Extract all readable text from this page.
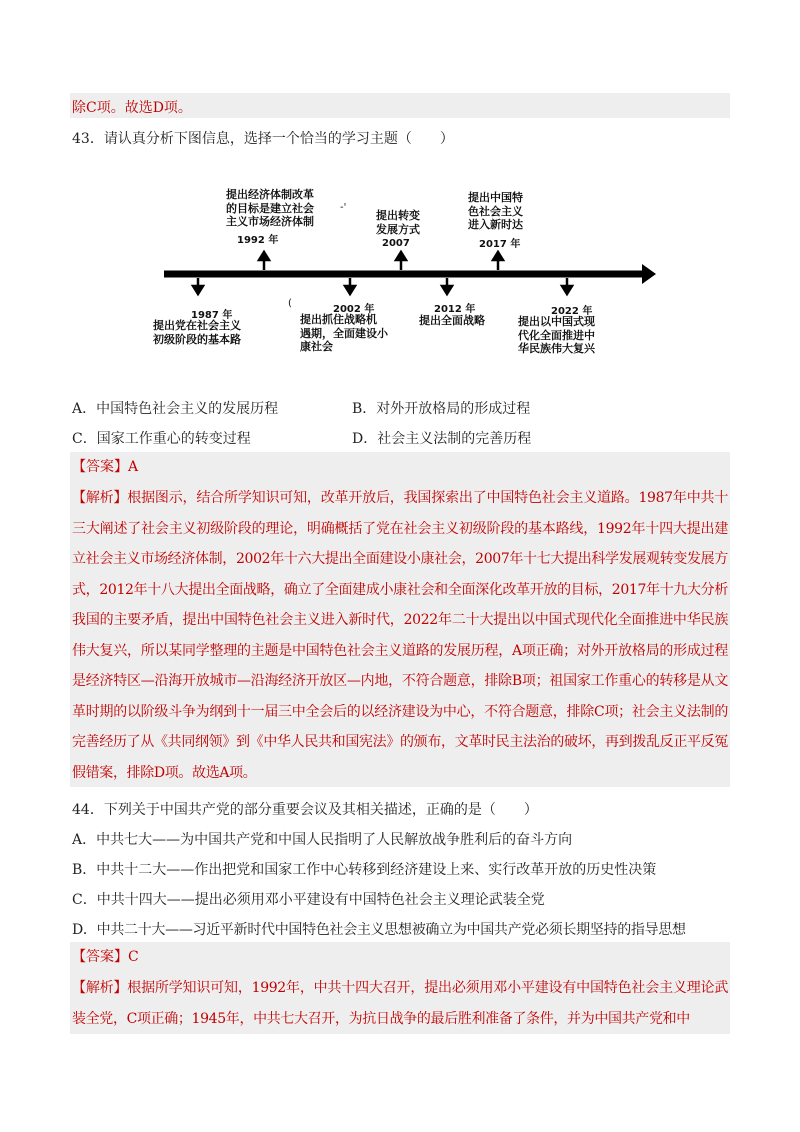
除C项。故选D项。
43．请认真分析下图信息，选择一个恰当的学习主题（　　）
提出经济体制改革
的目标是建立社会
主义市场经济体制
1992 年
-'
提出转变
发展方式
2007
提出中国特
色社会主义
进入新时达
2017 年
1987 年
提出党在社会主义
初级阶段的基本路
(
2002 年
提出抓住战略机
遇期，全面建设小
康社会
2012 年
提出全面战略
2022 年
提出以中国式现
代化全面推进中
华民族伟大复兴
A．中国特色社会主义的发展历程	B．对外开放格局的形成过程
C．国家工作重心的转变过程	D．社会主义法制的完善历程
【答案】A
【解析】根据图示，结合所学知识可知，改革开放后，我国探索出了中国特色社会主义道路。1987年中共十三大阐述了社会主义初级阶段的理论，明确概括了党在社会主义初级阶段的基本路线，1992年十四大提出建立社会主义市场经济体制，2002年十六大提出全面建设小康社会，2007年十七大提出科学发展观转变发展方式，2012年十八大提出全面战略，确立了全面建成小康社会和全面深化改革开放的目标，2017年十九大分析我国的主要矛盾，提出中国特色社会主义进入新时代，2022年二十大提出以中国式现代化全面推进中华民族伟大复兴，所以某同学整理的主题是中国特色社会主义道路的发展历程，A项正确；对外开放格局的形成过程是经济特区—沿海开放城市—沿海经济开放区—内地，不符合题意，排除B项；祖国家工作重心的转移是从文革时期的以阶级斗争为纲到十一届三中全会后的以经济建设为中心，不符合题意，排除C项；社会主义法制的完善经历了从《共同纲领》到《中华人民共和国宪法》的颁布，文革时民主法治的破坏，再到拨乱反正平反冤假错案，排除D项。故选A项。
44．下列关于中国共产党的部分重要会议及其相关描述，正确的是（　　）
A．中共七大——为中国共产党和中国人民指明了人民解放战争胜利后的奋斗方向
B．中共十二大——作出把党和国家工作中心转移到经济建设上来、实行改革开放的历史性决策
C．中共十四大——提出必须用邓小平建设有中国特色社会主义理论武装全党
D．中共二十大——习近平新时代中国特色社会主义思想被确立为中国共产党必须长期坚持的指导思想
【答案】C
【解析】根据所学知识可知，1992年，中共十四大召开，提出必须用邓小平建设有中国特色社会主义理论武装全党，C项正确；1945年，中共七大召开，为抗日战争的最后胜利准备了条件，并为中国共产党和中
